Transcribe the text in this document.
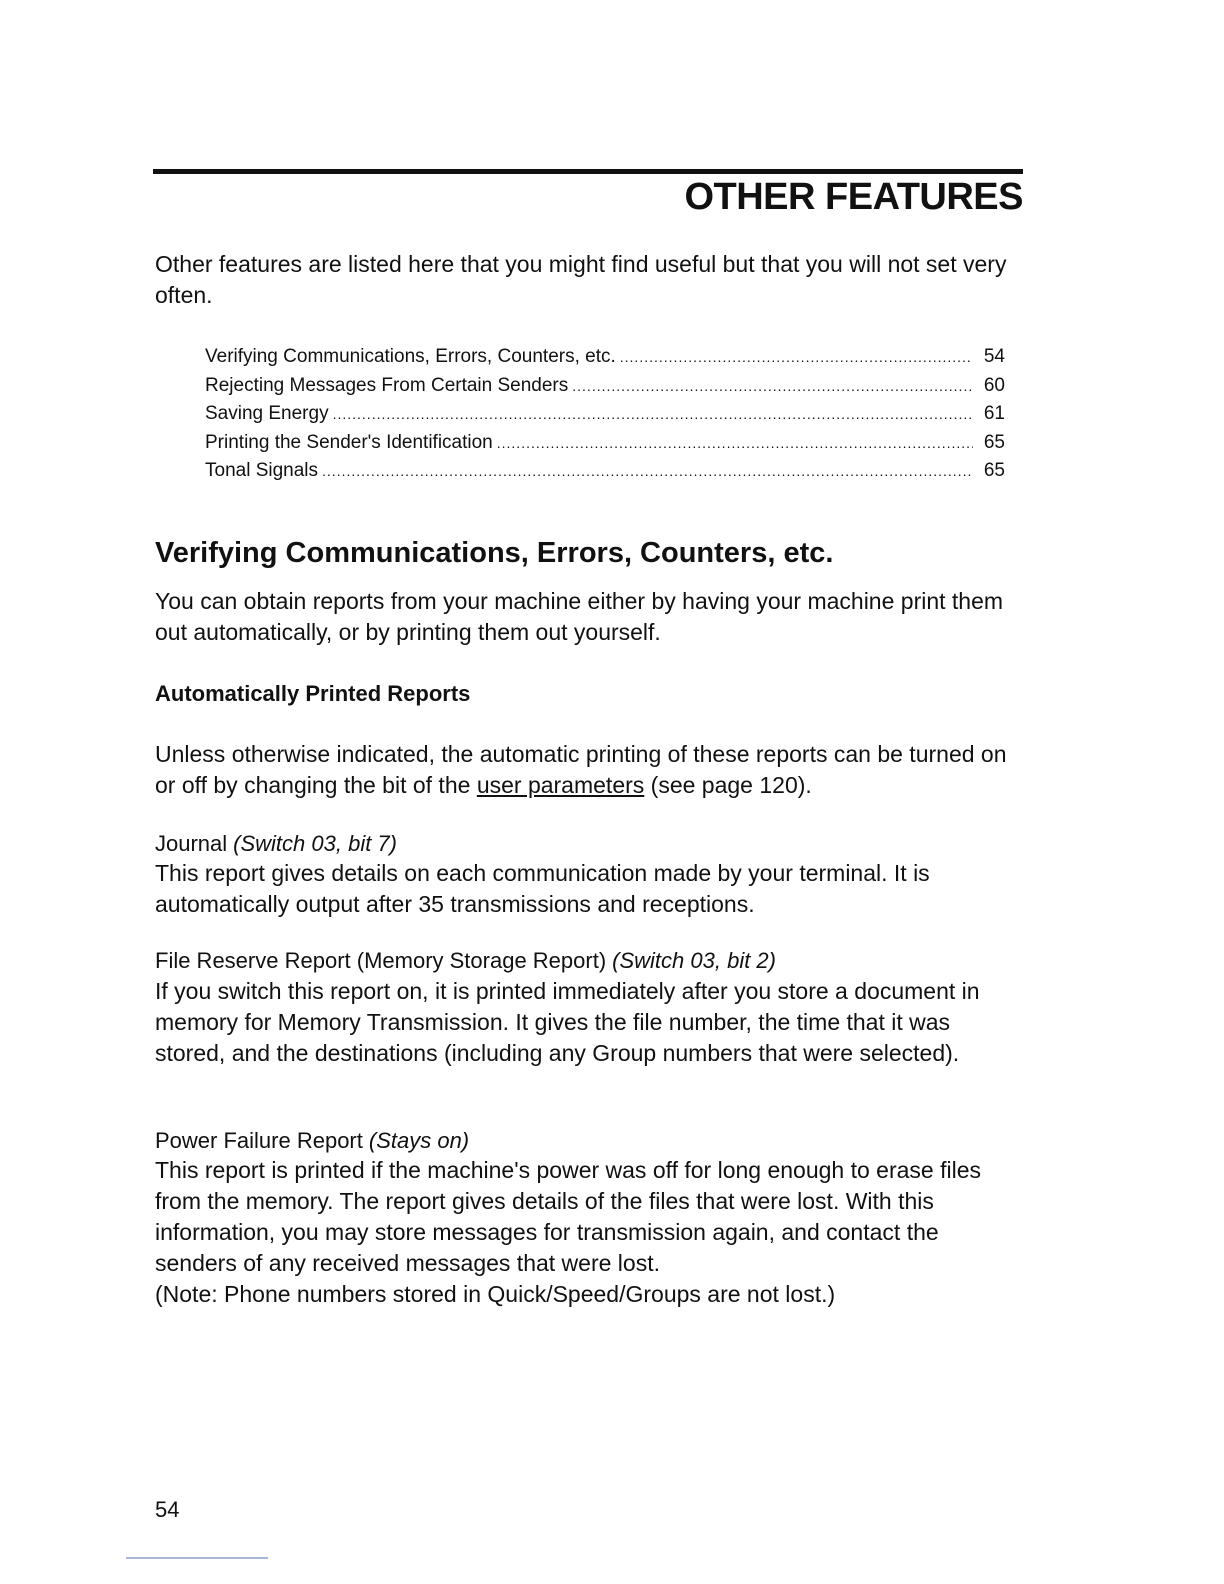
OTHER FEATURES

Other features are listed here that you might find useful but that you will not set very often.

Verifying Communications, Errors, Counters, etc. .....	54
Rejecting Messages From Certain Senders .....	60
Saving Energy .....	61
Printing the Sender's Identification .....	65
Tonal Signals .....	65
Verifying Communications, Errors, Counters, etc.

You can obtain reports from your machine either by having your machine print them out automatically, or by printing them out yourself.

Automatically Printed Reports

Unless otherwise indicated, the automatic printing of these reports can be turned on or off by changing the bit of the user parameters (see page 120).

Journal (Switch 03, bit 7)

This report gives details on each communication made by your terminal. It is automatically output after 35 transmissions and receptions.

File Reserve Report (Memory Storage Report) (Switch 03, bit 2)

If you switch this report on, it is printed immediately after you store a document in memory for Memory Transmission. It gives the file number, the time that it was stored, and the destinations (including any Group numbers that were selected).

Power Failure Report (Stays on)

This report is printed if the machine's power was off for long enough to erase files from the memory. The report gives details of the files that were lost. With this information, you may store messages for transmission again, and contact the senders of any received messages that were lost.

(Note: Phone numbers stored in Quick/Speed/Groups are not lost.)

54
